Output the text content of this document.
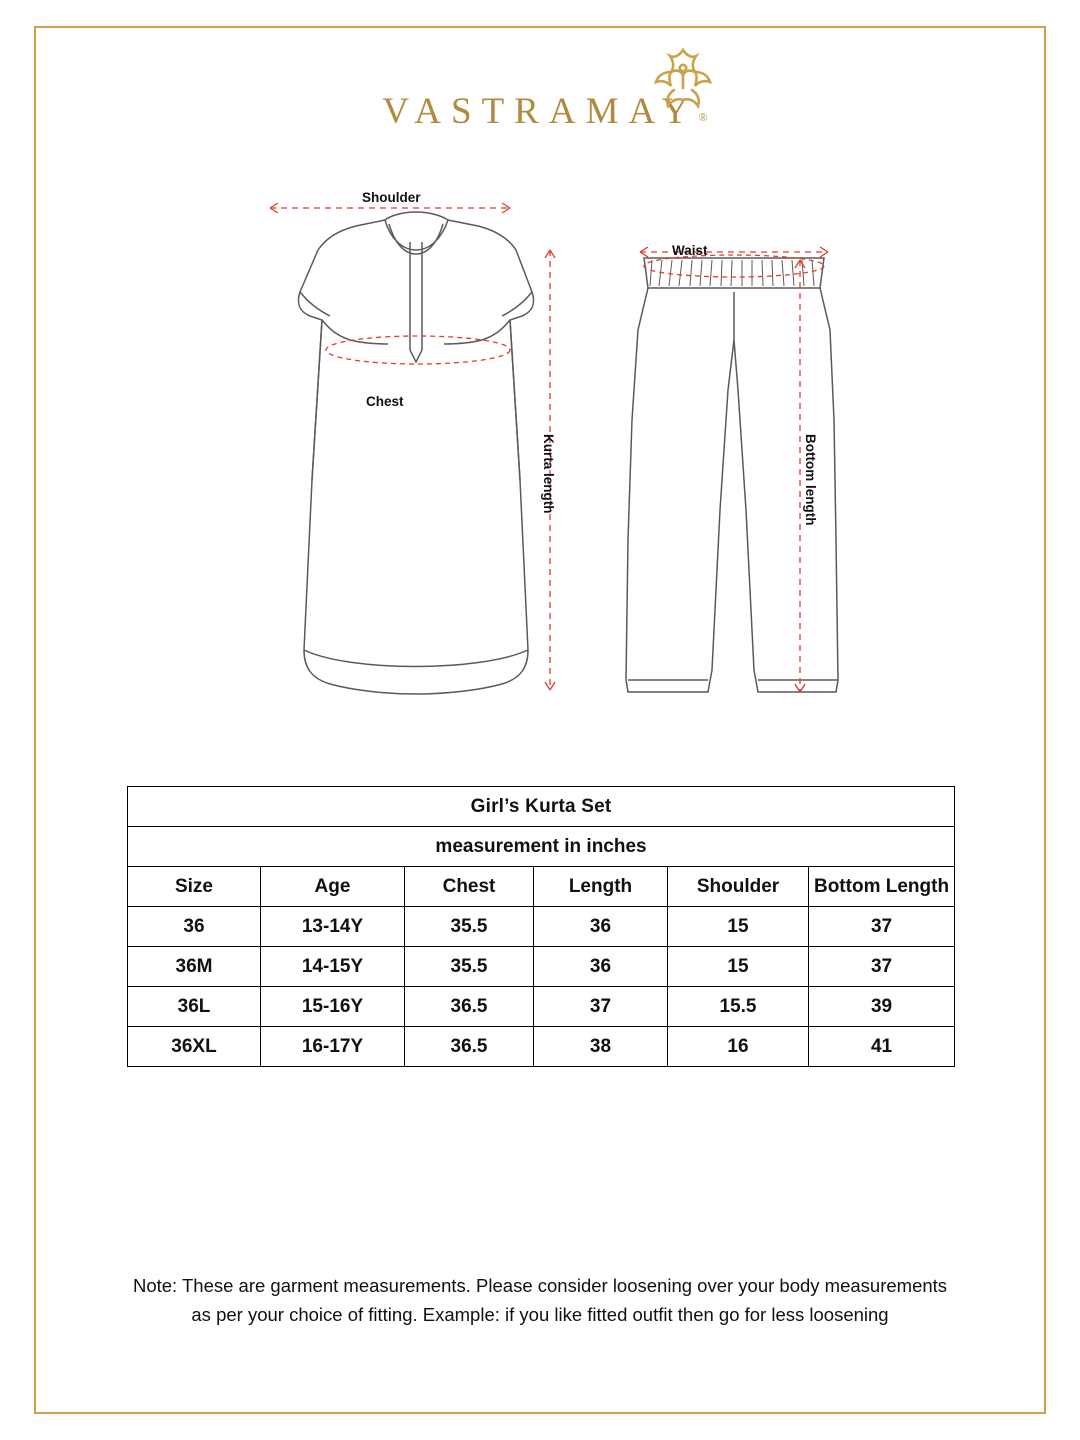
VASTRAMAY®
Shoulder
Chest
Waist
Kurta length	Bottom length
Girl’s Kurta Set					
measurement in inches					
Size	Age	Chest	Length	Shoulder	Bottom Length
36	13-14Y	35.5	36	15	37
36M	14-15Y	35.5	36	15	37
36L	15-16Y	36.5	37	15.5	39
36XL	16-17Y	36.5	38	16	41
Note: These are garment measurements. Please consider loosening over your body measurements
as per your choice of fitting. Example: if you like fitted outfit then go for less loosening
